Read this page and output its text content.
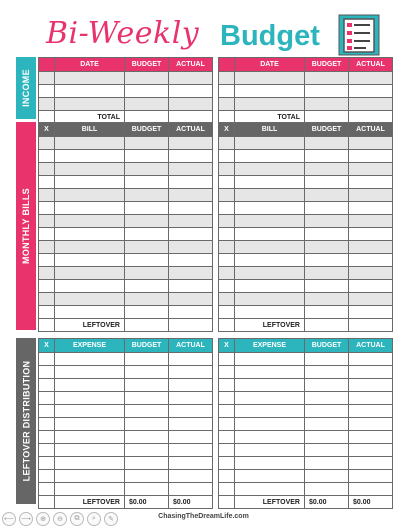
Bi-Weekly Budget
INCOME
	DATE	BUDGET	ACTUAL

	TOTAL		
	DATE	BUDGET	ACTUAL

	TOTAL		
MONTHLY BILLS
X	BILL	BUDGET	ACTUAL

	LEFTOVER		
X	BILL	BUDGET	ACTUAL

	LEFTOVER		
LEFTOVER DISTRIBUTION
X	EXPENSE	BUDGET	ACTUAL

	LEFTOVER	$0.00	$0.00
X	EXPENSE	BUDGET	ACTUAL

	LEFTOVER	$0.00	$0.00
⟵ ⟶	⊕	⊖	⧉	⌕	✎	ChasingTheDreamLife.com
